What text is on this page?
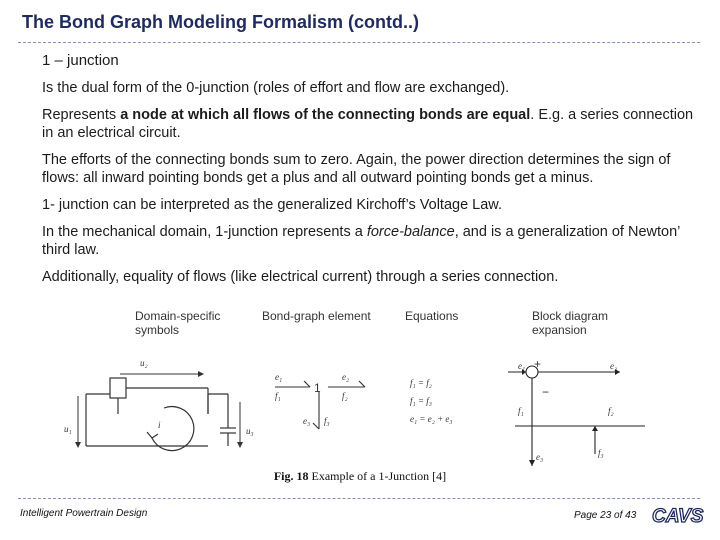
The Bond Graph Modeling Formalism (contd..)

1 – junction

Is the dual form of the 0-junction (roles of effort and flow are exchanged).

Represents a node at which all flows of the connecting bonds are equal. E.g. a series connection in an electrical circuit.

The efforts of the connecting bonds sum to zero. Again, the power direction determines the sign of flows: all inward pointing bonds get a plus and all outward pointing bonds get a minus.

1- junction can be interpreted as the generalized Kirchoff’s Voltage Law.

In the mechanical domain, 1-junction represents a force-balance, and is a generalization of Newton’ third law.

Additionally, equality of flows (like electrical current) through a series connection.

Domain-specific
symbols
Bond-graph element	Equations	Block diagram
expansion
u₂
u₁	u₃
i
1
e₁
f₁
e₂
f₂
e₃ f₃
f₁ = f₂
f₁ = f₃
e₁ = e₂ + e₃
e₁	e₂
e₃
f₁	f₂
f₃
+
−
Fig. 18 Example of a 1-Junction [4]
Intelligent Powertrain Design	Page 23 of 43 CAVS
